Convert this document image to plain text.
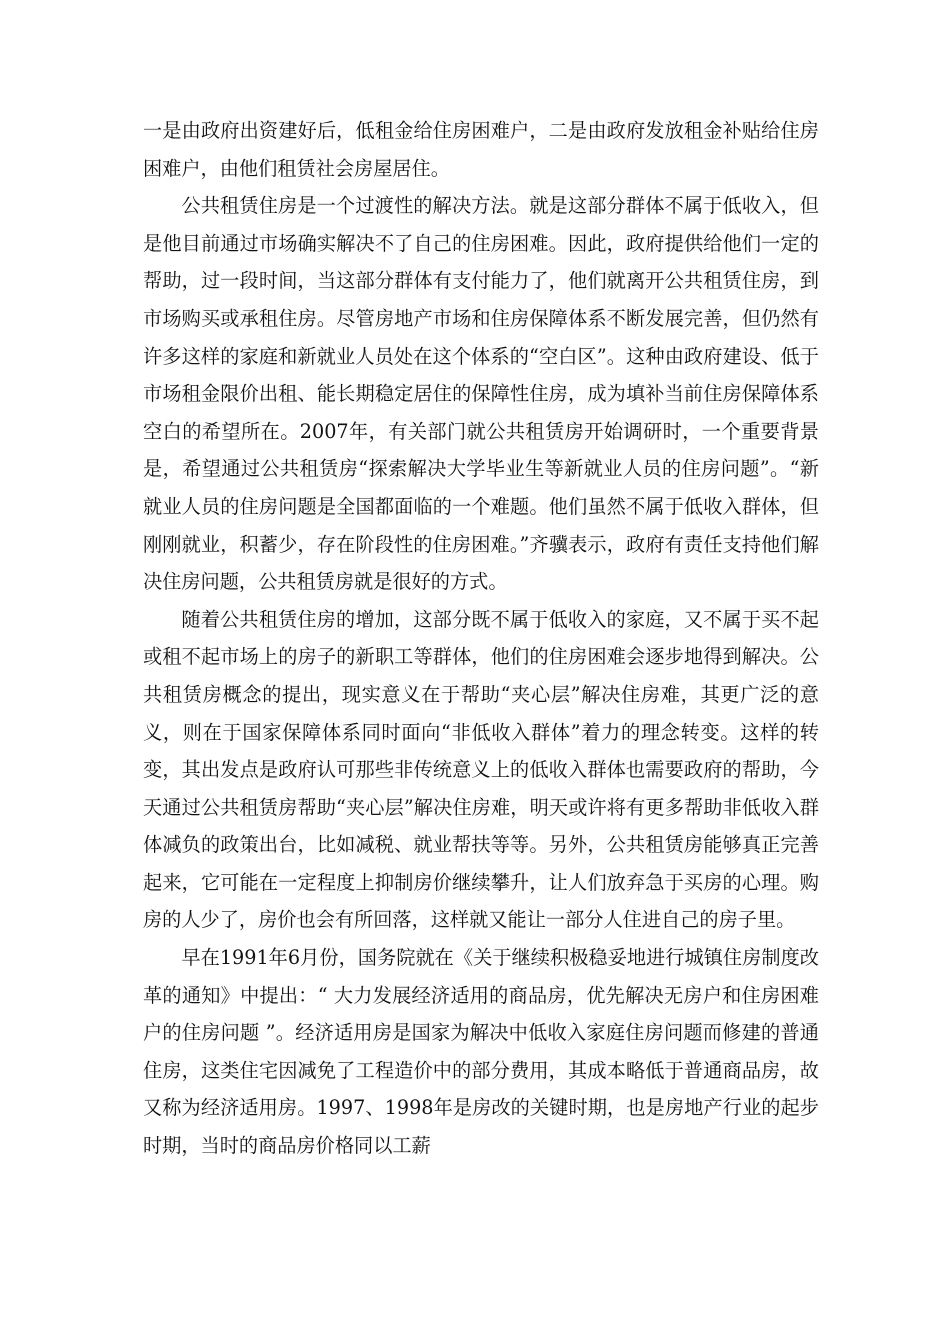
一是由政府出资建好后，低租金给住房困难户，二是由政府发放租金补贴给住房困难户，由他们租赁社会房屋居住。

公共租赁住房是一个过渡性的解决方法。就是这部分群体不属于低收入，但是他目前通过市场确实解决不了自己的住房困难。因此，政府提供给他们一定的帮助，过一段时间，当这部分群体有支付能力了，他们就离开公共租赁住房，到市场购买或承租住房。尽管房地产市场和住房保障体系不断发展完善，但仍然有许多这样的家庭和新就业人员处在这个体系的“空白区”。这种由政府建设、低于市场租金限价出租、能长期稳定居住的保障性住房，成为填补当前住房保障体系空白的希望所在。2007年，有关部门就公共租赁房开始调研时，一个重要背景是，希望通过公共租赁房“探索解决大学毕业生等新就业人员的住房问题”。“新就业人员的住房问题是全国都面临的一个难题。他们虽然不属于低收入群体，但刚刚就业，积蓄少，存在阶段性的住房困难。”齐骥表示，政府有责任支持他们解决住房问题，公共租赁房就是很好的方式。

随着公共租赁住房的增加，这部分既不属于低收入的家庭，又不属于买不起或租不起市场上的房子的新职工等群体，他们的住房困难会逐步地得到解决。公共租赁房概念的提出，现实意义在于帮助“夹心层”解决住房难，其更广泛的意义，则在于国家保障体系同时面向“非低收入群体”着力的理念转变。这样的转变，其出发点是政府认可那些非传统意义上的低收入群体也需要政府的帮助，今天通过公共租赁房帮助“夹心层”解决住房难，明天或许将有更多帮助非低收入群体减负的政策出台，比如减税、就业帮扶等等。另外，公共租赁房能够真正完善起来，它可能在一定程度上抑制房价继续攀升，让人们放弃急于买房的心理。购房的人少了，房价也会有所回落，这样就又能让一部分人住进自己的房子里。

早在1991年6月份，国务院就在《关于继续积极稳妥地进行城镇住房制度改革的通知》中提出：“ 大力发展经济适用的商品房，优先解决无房户和住房困难户的住房问题 ”。经济适用房是国家为解决中低收入家庭住房问题而修建的普通住房，这类住宅因减免了工程造价中的部分费用，其成本略低于普通商品房，故又称为经济适用房。1997、1998年是房改的关键时期，也是房地产行业的起步时期，当时的商品房价格同以工薪
